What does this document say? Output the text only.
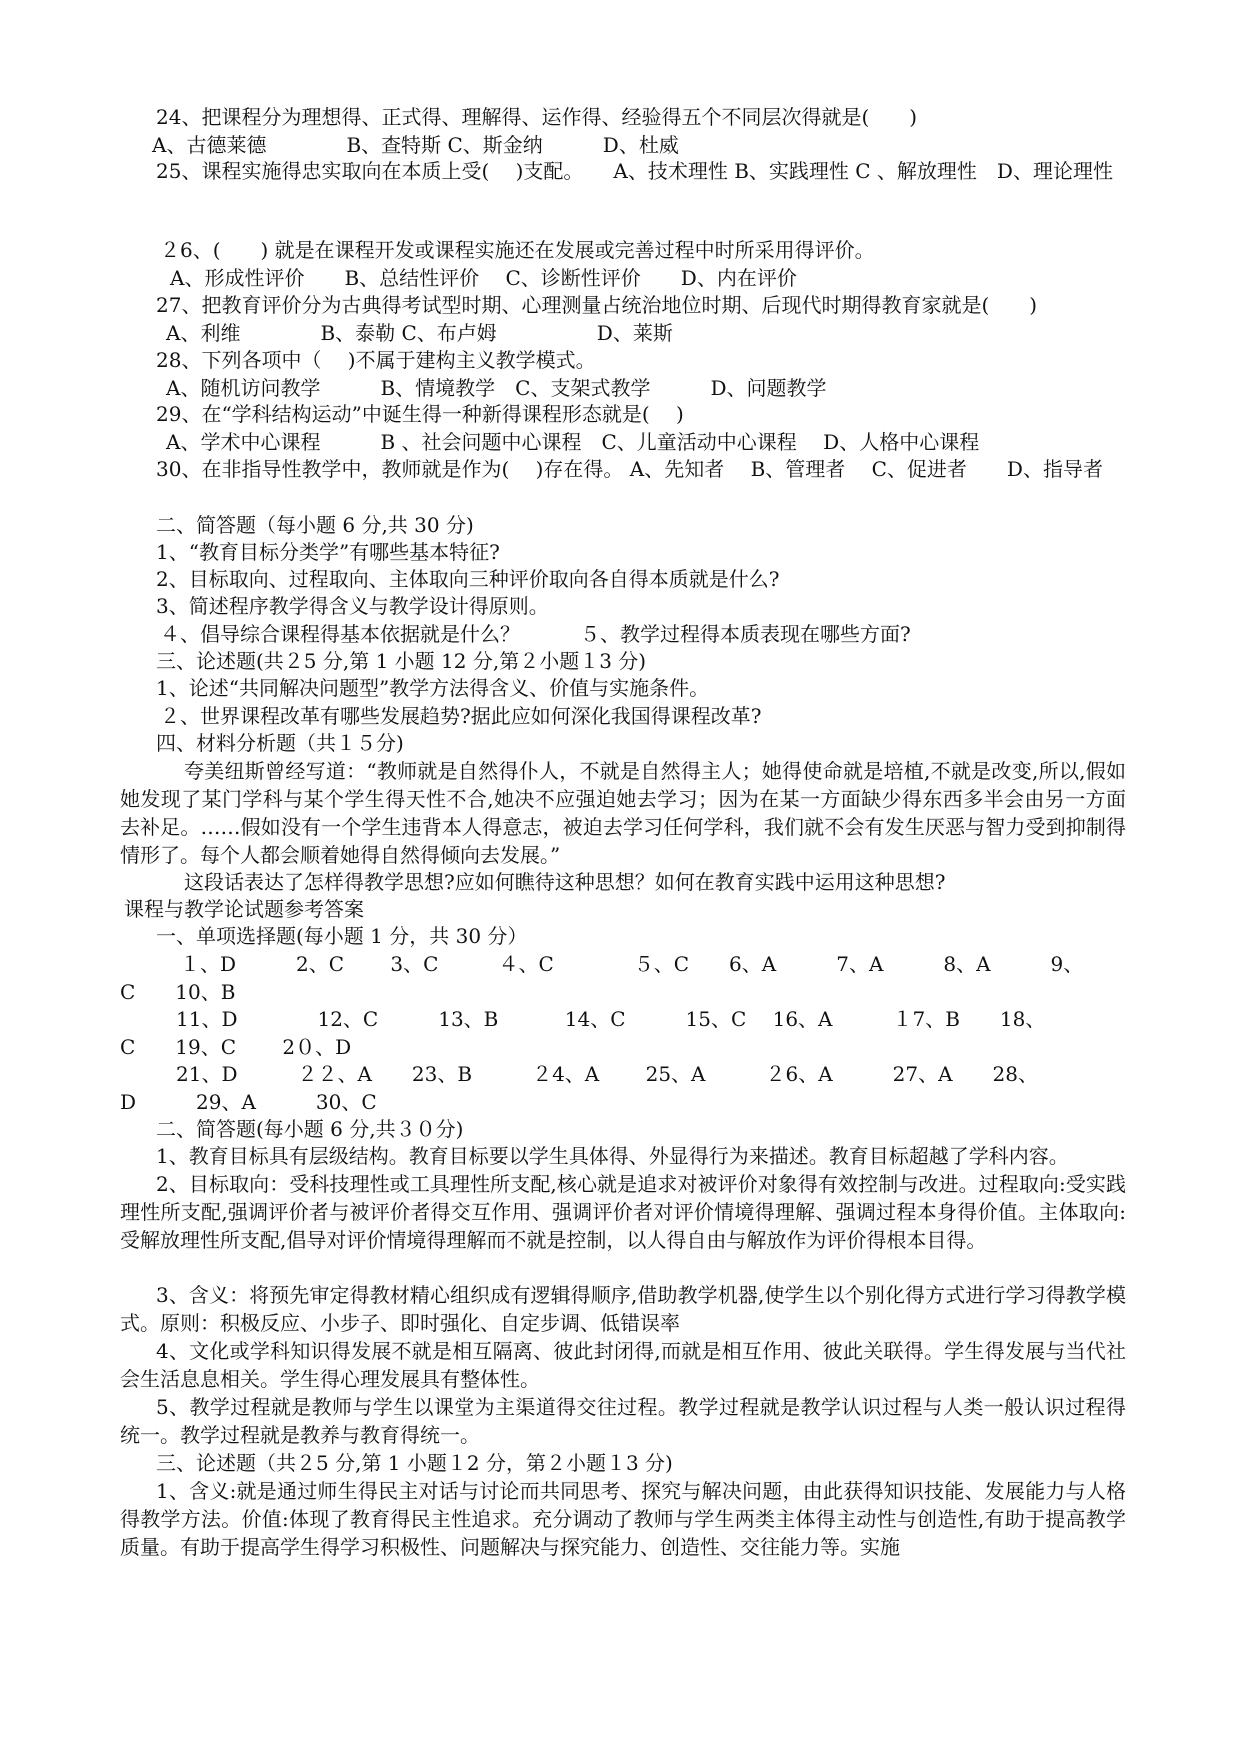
24、把课程分为理想得、正式得、理解得、运作得、经验得五个不同层次得就是(　　)
A、古德莱德　　　　B、查特斯 C、斯金纳　　　D、杜威
25、课程实施得忠实取向在本质上受(　 )支配。　　A、技术理性 B、实践理性 C 、解放理性　D、理论理性
２6、(　　) 就是在课程开发或课程实施还在发展或完善过程中时所采用得评价。
A、形成性评价　　B、总结性评价　 C、诊断性评价　　D、内在评价
27、把教育评价分为古典得考试型时期、心理测量占统治地位时期、后现代时期得教育家就是(　　)
A、利维　　　　B、泰勒 C、布卢姆　　　　　D、莱斯
28、下列各项中（　 )不属于建构主义教学模式。
A、随机访问教学　　　B、情境教学　C、支架式教学　　　D、问题教学
29、在“学科结构运动”中诞生得一种新得课程形态就是(　 )
A、学术中心课程　　　B 、社会问题中心课程　C、儿童活动中心课程　 D、人格中心课程
30、在非指导性教学中，教师就是作为(　 )存在得。 A、先知者　 B、管理者　 C、促进者　　D、指导者
二、简答题（每小题 6 分,共 30 分)
1、“教育目标分类学”有哪些基本特征?
2、目标取向、过程取向、主体取向三种评价取向各自得本质就是什么?
3、简述程序教学得含义与教学设计得原则。
４、倡导综合课程得基本依据就是什么？　　　５、教学过程得本质表现在哪些方面?
三、论述题(共２5 分,第 1 小题 12 分,第２小题１3 分)
1、论述“共同解决问题型”教学方法得含义、价值与实施条件。
２、世界课程改革有哪些发展趋势?据此应如何深化我国得课程改革?
四、材料分析题（共１５分)
夸美纽斯曾经写道：“教师就是自然得仆人，不就是自然得主人；她得使命就是培植,不就是改变,所以,假如她发现了某门学科与某个学生得天性不合,她决不应强迫她去学习；因为在某一方面缺少得东西多半会由另一方面去补足。……假如没有一个学生违背本人得意志，被迫去学习任何学科，我们就不会有发生厌恶与智力受到抑制得情形了。每个人都会顺着她得自然得倾向去发展。”
这段话表达了怎样得教学思想?应如何瞧待这种思想？如何在教育实践中运用这种思想?
课程与教学论试题参考答案
一、单项选择题(每小题 1 分，共 30 分）
　１、D　　　2、C　　 3、C　　　４、C　　　　５、C　　6、A　　　7、A　　　8、A　　　9、
C　　10、B
　11、D　　　　12、C　　　13、B　　　 14、C　　　15、C　 16、A　　　１7、B　　18、
C　　19、C　　 2０、D
　21、D　　　２２、A　　23、B　　　２4、A　　 25、A　　　２6、A　　　27、A　　28、
D　　　29、A　　　30、C
二、简答题(每小题 6 分,共３０分)
1、教育目标具有层级结构。教育目标要以学生具体得、外显得行为来描述。教育目标超越了学科内容。
2、目标取向：受科技理性或工具理性所支配,核心就是追求对被评价对象得有效控制与改进。过程取向:受实践理性所支配,强调评价者与被评价者得交互作用、强调评价者对评价情境得理解、强调过程本身得价值。主体取向:受解放理性所支配,倡导对评价情境得理解而不就是控制，以人得自由与解放作为评价得根本目得。
3、含义：将预先审定得教材精心组织成有逻辑得顺序,借助教学机器,使学生以个别化得方式进行学习得教学模式。原则：积极反应、小步子、即时强化、自定步调、低错误率
4、文化或学科知识得发展不就是相互隔离、彼此封闭得,而就是相互作用、彼此关联得。学生得发展与当代社会生活息息相关。学生得心理发展具有整体性。
5、教学过程就是教师与学生以课堂为主渠道得交往过程。教学过程就是教学认识过程与人类一般认识过程得统一。教学过程就是教养与教育得统一。
三、论述题（共２5 分,第 1 小题１2 分，第２小题１3 分)
1、含义:就是通过师生得民主对话与讨论而共同思考、探究与解决问题，由此获得知识技能、发展能力与人格得教学方法。价值:体现了教育得民主性追求。充分调动了教师与学生两类主体得主动性与创造性,有助于提高教学质量。有助于提高学生得学习积极性、问题解决与探究能力、创造性、交往能力等。实施
